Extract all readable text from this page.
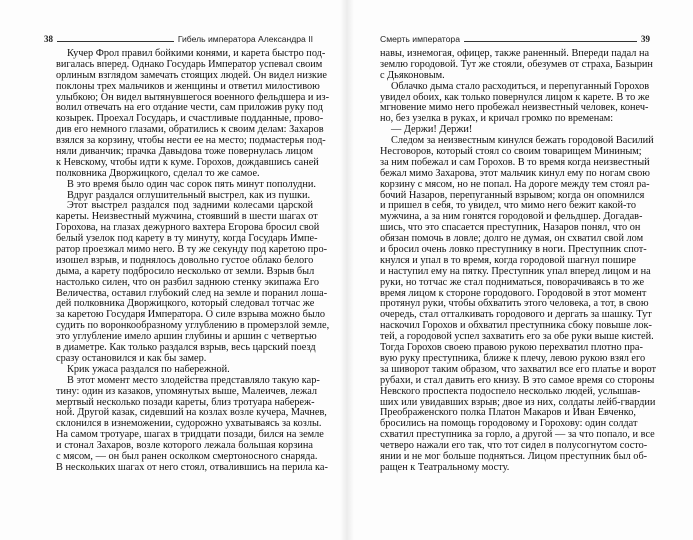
38	Гибель императора Александра II
Кучер Фрол правил бойкими конями, и карета быстро под-
вигалась вперед. Однако Государь Император успевал своим
орлиным взглядом замечать стоящих людей. Он видел низкие
поклоны трех мальчиков и женщины и ответил милостивою
улыбкою; Он видел вытянувшегося военного фельдшера и из-
волил отвечать на его отдание чести, сам приложив руку под
козырек. Проехал Государь, и счастливые подданные, прово-
див его немного глазами, обратились к своим делам: Захаров
взялся за корзину, чтобы нести ее на место; подмастерья под-
няли диванчик; прачка Давыдова тоже повернулась лицом
к Невскому, чтобы идти к куме. Горохов, дождавшись саней
полковника Дворжицкого, сделал то же самое.
В это время было один час сорок пять минут пополудни.
Вдруг раздался оглушительный выстрел, как из пушки.
Этот выстрел раздался под задними колесами царской
кареты. Неизвестный мужчина, стоявший в шести шагах от
Горохова, на глазах дежурного вахтера Егорова бросил свой
белый узелок под карету в ту минуту, когда Государь Импе-
ратор проезжал мимо него. В ту же секунду под каретою про-
изошел взрыв, и поднялось довольно густое облако белого
дыма, а карету подбросило несколько от земли. Взрыв был
настолько силен, что он разбил заднюю стенку экипажа Его
Величества, оставил глубокий след на земле и поранил лоша-
дей полковника Дворжицкого, который следовал тотчас же
за каретою Государя Императора. О силе взрыва можно было
судить по воронкообразному углублению в промерзлой земле,
это углубление имело аршин глубины и аршин с четвертью
в диаметре. Как только раздался взрыв, весь царский поезд
сразу остановился и как бы замер.
Крик ужаса раздался по набережной.
В этот момент место злодейства представляло такую кар-
тину: один из казаков, упомянутых выше, Малеичев, лежал
мертвый несколько позади кареты, близ тротуара набереж-
ной. Другой казак, сидевший на козлах возле кучера, Мачнев,
склонился в изнеможении, судорожно ухватываясь за козлы.
На самом тротуаре, шагах в тридцати позади, бился на земле
и стонал Захаров, возле которого лежала большая корзина
с мясом, — он был ранен осколком смертоносного снаряда.
В нескольких шагах от него стоял, отвалившись на перила ка-
Смерть императора	39
навы, изнемогая, офицер, также раненный. Впереди падал на
землю городовой. Тут же стояли, обезумев от страха, Базырин
с Дьяконовым.
Облачко дыма стало расходиться, и перепуганный Горохов
увидел обоих, как только повернулся лицом к карете. В то же
мгновение мимо него пробежал неизвестный человек, конеч-
но, без узелка в руках, и кричал громко по временам:
— Держи! Держи!
Следом за неизвестным кинулся бежать городовой Василий
Несговоров, который стоял со своим товарищем Мининым;
за ним побежал и сам Горохов. В то время когда неизвестный
бежал мимо Захарова, этот мальчик кинул ему по ногам свою
корзину с мясом, но не попал. На дороге между тем стоял ра-
бочий Назаров, перепуганный взрывом; когда он опомнился
и пришел в себя, то увидел, что мимо него бежит какой-то
мужчина, а за ним гонятся городовой и фельдшер. Догадав-
шись, что это спасается преступник, Назаров понял, что он
обязан помочь в ловле; долго не думая, он схватил свой лом
и бросил очень ловко преступнику в ноги. Преступник спот-
кнулся и упал в то время, когда городовой шагнул пошире
и наступил ему на пятку. Преступник упал вперед лицом и на
руки, но тотчас же стал подниматься, поворачиваясь в то же
время лицом к стороне городового. Городовой в этот момент
протянул руки, чтобы обхватить этого человека, а тот, в свою
очередь, стал отталкивать городового и дергать за шашку. Тут
наскочил Горохов и обхватил преступника сбоку повыше лок-
тей, а городовой успел захватить его за обе руки выше кистей.
Тогда Горохов своею правою рукою перехватил плотно пра-
вую руку преступника, ближе к плечу, левою рукою взял его
за шиворот таким образом, что захватил все его платье и ворот
рубахи, и стал давить его книзу. В это самое время со стороны
Невского проспекта подоспело несколько людей, услышав-
ших или увидавших взрыв; двое из них, солдаты лейб-гвардии
Преображенского полка Платон Макаров и Иван Евченко,
бросились на помощь городовому и Горохову: один солдат
схватил преступника за горло, а другой — за что попало, и все
четверо нажали его так, что тот сидел в полусогнутом состо-
янии и не мог больше подняться. Лицом преступник был об-
ращен к Театральному мосту.
